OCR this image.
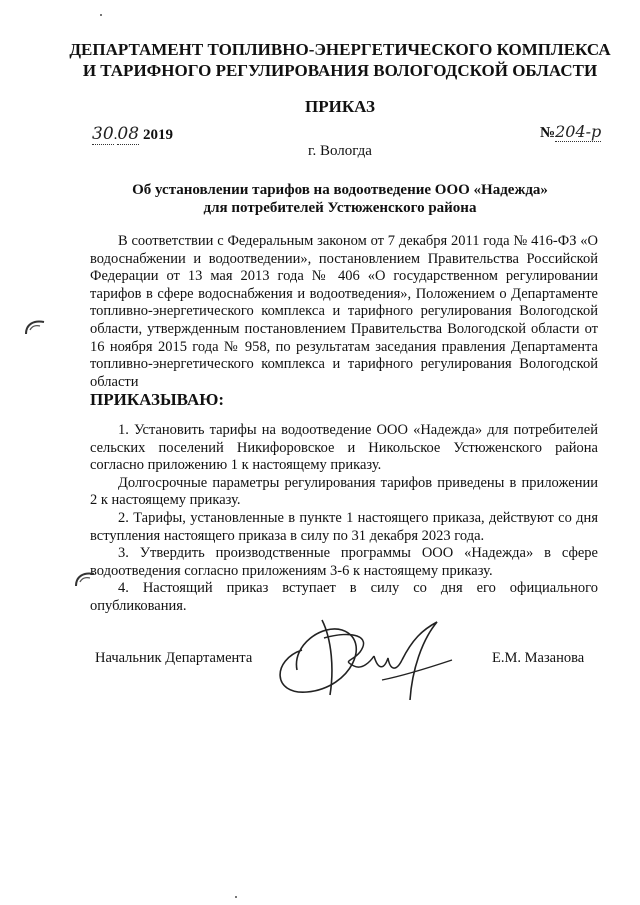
ДЕПАРТАМЕНТ ТОПЛИВНО-ЭНЕРГЕТИЧЕСКОГО КОМПЛЕКСА
И ТАРИФНОГО РЕГУЛИРОВАНИЯ ВОЛОГОДСКОЙ ОБЛАСТИ
ПРИКАЗ
30.08 2019	№204-р
г. Вологда
Об установлении тарифов на водоотведение ООО «Надежда»
для потребителей Устюженского района

В соответствии с Федеральным законом от 7 декабря 2011 года № 416-ФЗ «О водоснабжении и водоотведении», постановлением Правительства Российской Федерации от 13 мая 2013 года № 406 «О государственном регулировании тарифов в сфере водоснабжения и водоотведения», Положением о Департаменте топливно-энергетического комплекса и тарифного регулирования Вологодской области, утвержденным постановлением Правительства Вологодской области от 16 ноября 2015 года № 958, по результатам заседания правления Департамента топливно-энергетического комплекса и тарифного регулирования Вологодской области

ПРИКАЗЫВАЮ:

1. Установить тарифы на водоотведение ООО «Надежда» для потребителей сельских поселений Никифоровское и Никольское Устюженского района согласно приложению 1 к настоящему приказу.

Долгосрочные параметры регулирования тарифов приведены в приложении 2 к настоящему приказу.

2. Тарифы, установленные в пункте 1 настоящего приказа, действуют со дня вступления настоящего приказа в силу по 31 декабря 2023 года.

3. Утвердить производственные программы ООО «Надежда» в сфере водоотведения согласно приложениям 3-6 к настоящему приказу.

4. Настоящий приказ вступает в силу со дня его официального опубликования.

Начальник Департамента	Е.М. Мазанова
